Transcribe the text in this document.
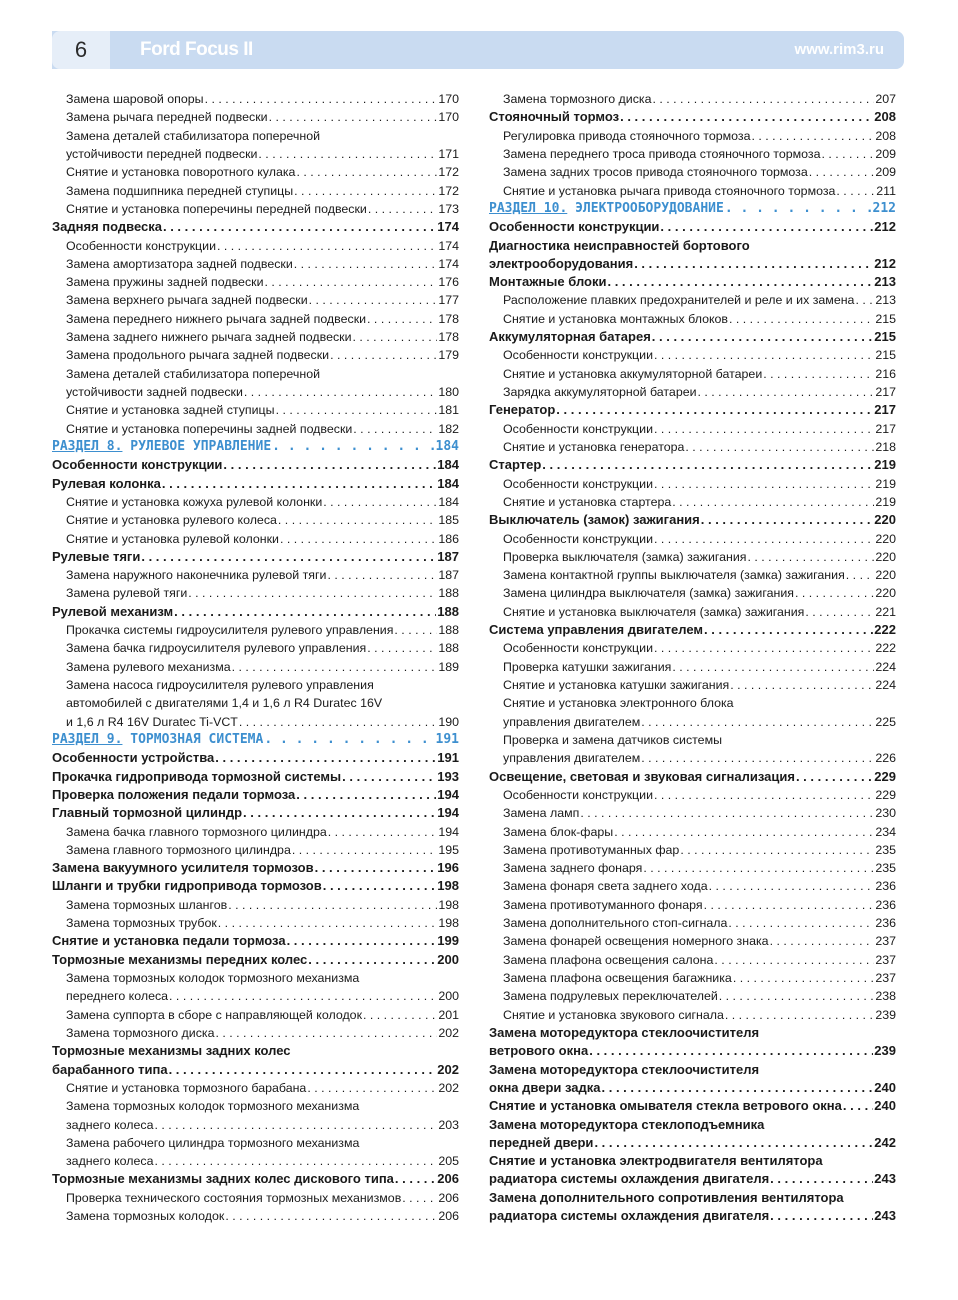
6	Ford Focus II	www.rim3.ru
Замена шаровой опоры . . .	170
Замена рычага передней подвески . . .	170
Замена деталей стабилизатора поперечной
устойчивости передней подвески . . .	171
Снятие и установка поворотного кулака . . .	172
Замена подшипника передней ступицы . . .	172
Снятие и установка поперечины передней подвески . . .	173
Задняя подвеска . . .	174
Особенности конструкции . . .	174
Замена амортизатора задней подвески . . .	174
Замена пружины задней подвески . . .	176
Замена верхнего рычага задней подвески . . .	177
Замена переднего нижнего рычага задней подвески . . .	178
Замена заднего нижнего рычага задней подвески . . .	178
Замена продольного рычага задней подвески . . .	179
Замена деталей стабилизатора поперечной
устойчивости задней подвески . . .	180
Снятие и установка задней ступицы . . .	181
Снятие и установка поперечины задней подвески . . .	182
РАЗДЕЛ 8. РУЛЕВОЕ УПРАВЛЕНИЕ . . .	184
Особенности конструкции . . .	184
Рулевая колонка . . .	184
Снятие и установка кожуха рулевой колонки . . .	184
Снятие и установка рулевого колеса . . .	185
Снятие и установка рулевой колонки . . .	186
Рулевые тяги . . .	187
Замена наружного наконечника рулевой тяги . . .	187
Замена рулевой тяги . . .	188
Рулевой механизм . . .	188
Прокачка системы гидроусилителя рулевого управления . . .	188
Замена бачка гидроусилителя рулевого управления . . .	188
Замена рулевого механизма . . .	189
Замена насоса гидроусилителя рулевого управления
автомобилей с двигателями 1,4 и 1,6 л R4 Duratec 16V
и 1,6 л R4 16V Duratec Ti-VCT . . .	190
РАЗДЕЛ 9. ТОРМОЗНАЯ СИСТЕМА . . .	191
Особенности устройства . . .	191
Прокачка гидропривода тормозной системы . . .	193
Проверка положения педали тормоза . . .	194
Главный тормозной цилиндр . . .	194
Замена бачка главного тормозного цилиндра . . .	194
Замена главного тормозного цилиндра . . .	195
Замена вакуумного усилителя тормозов . . .	196
Шланги и трубки гидропривода тормозов . . .	198
Замена тормозных шлангов . . .	198
Замена тормозных трубок . . .	198
Снятие и установка педали тормоза . . .	199
Тормозные механизмы передних колес . . .	200
Замена тормозных колодок тормозного механизма
переднего колеса . . .	200
Замена суппорта в сборе с направляющей колодок . . .	201
Замена тормозного диска . . .	202
Тормозные механизмы задних колес
барабанного типа . . .	202
Снятие и установка тормозного барабана . . .	202
Замена тормозных колодок тормозного механизма
заднего колеса . . .	203
Замена рабочего цилиндра тормозного механизма
заднего колеса . . .	205
Тормозные механизмы задних колес дискового типа . . .	206
Проверка технического состояния тормозных механизмов . . .	206
Замена тормозных колодок . . .	206
Замена тормозного диска . . .	207
Стояночный тормоз . . .	208
Регулировка привода стояночного тормоза . . .	208
Замена переднего троса привода стояночного тормоза . . .	209
Замена задних тросов привода стояночного тормоза . . .	209
Снятие и установка рычага привода стояночного тормоза . . .	211
РАЗДЕЛ 10. ЭЛЕКТРООБОРУДОВАНИЕ . . .	212
Особенности конструкции . . .	212
Диагностика неисправностей бортового
электрооборудования . . .	212
Монтажные блоки . . .	213
Расположение плавких предохранителей и реле и их замена . . . 213
Снятие и установка монтажных блоков . . .	215
Аккумуляторная батарея . . .	215
Особенности конструкции . . .	215
Снятие и установка аккумуляторной батареи . . .	216
Зарядка аккумуляторной батареи . . .	217
Генератор . . .	217
Особенности конструкции . . .	217
Снятие и установка генератора . . .	218
Стартер . . .	219
Особенности конструкции . . .	219
Снятие и установка стартера . . .	219
Выключатель (замок) зажигания . . .	220
Особенности конструкции . . .	220
Проверка выключателя (замка) зажигания . . .	220
Замена контактной группы выключателя (замка) зажигания . . . 220
Замена цилиндра выключателя (замка) зажигания . . .	220
Снятие и установка выключателя (замка) зажигания . . .	221
Система управления двигателем . . .	222
Особенности конструкции . . .	222
Проверка катушки зажигания . . .	224
Снятие и установка катушки зажигания . . .	224
Снятие и установка электронного блока
управления двигателем . . .	225
Проверка и замена датчиков системы
управления двигателем . . .	226
Освещение, световая и звуковая сигнализация . . .	229
Особенности конструкции . . .	229
Замена ламп . . .	230
Замена блок-фары . . .	234
Замена противотуманных фар . . .	235
Замена заднего фонаря . . .	235
Замена фонаря света заднего хода . . .	236
Замена противотуманного фонаря . . .	236
Замена дополнительного стоп-сигнала . . .	236
Замена фонарей освещения номерного знака . . .	237
Замена плафона освещения салона . . .	237
Замена плафона освещения багажника . . .	237
Замена подрулевых переключателей . . .	238
Снятие и установка звукового сигнала . . .	239
Замена моторедуктора стеклоочистителя
ветрового окна . . .	239
Замена моторедуктора стеклоочистителя
окна двери задка . . .	240
Снятие и установка омывателя стекла ветрового окна . . . 240
Замена моторедуктора стеклоподъемника
передней двери . . .	242
Снятие и установка электродвигателя вентилятора
радиатора системы охлаждения двигателя . . .	243
Замена дополнительного сопротивления вентилятора
радиатора системы охлаждения двигателя . . .	243
